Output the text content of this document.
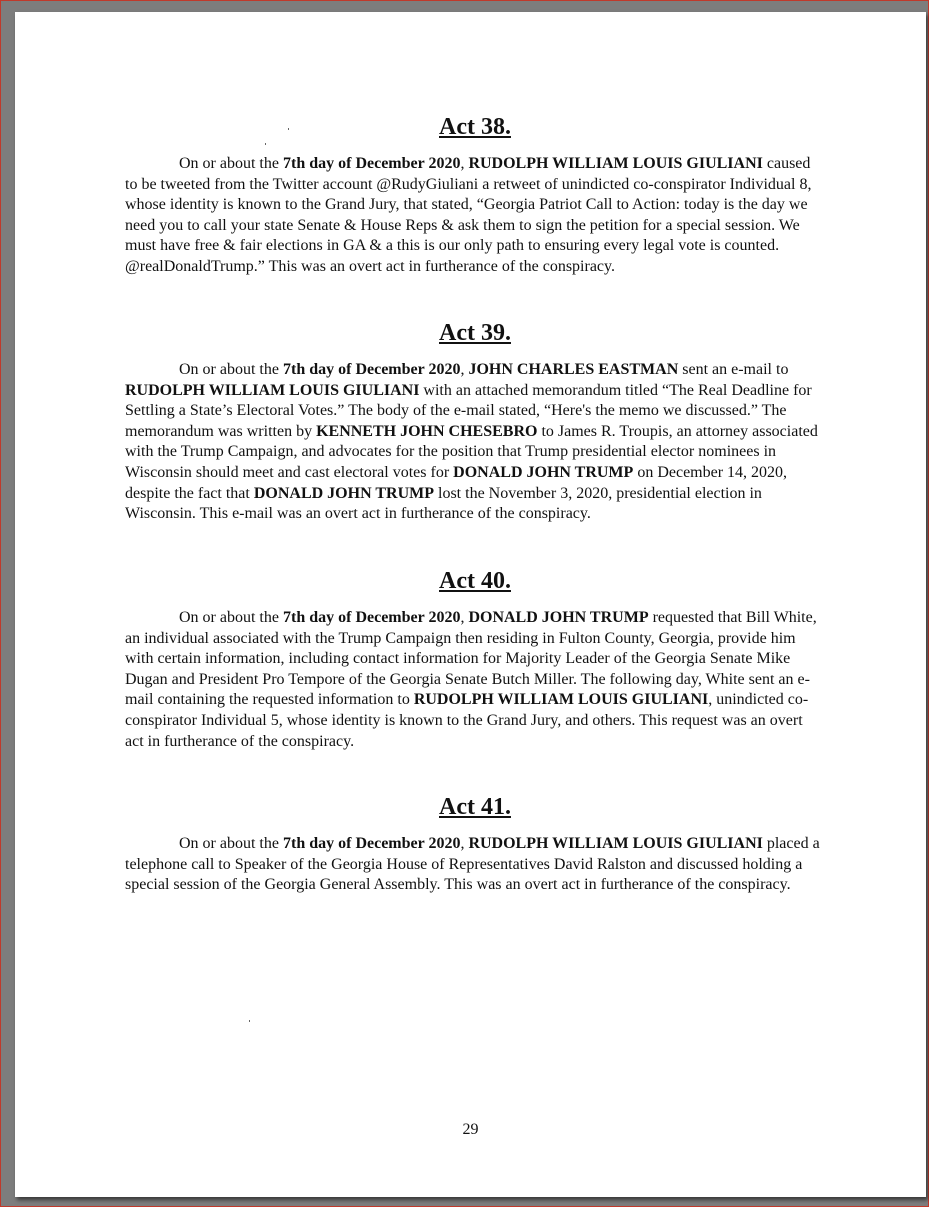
Act 38.

On or about the 7th day of December 2020, RUDOLPH WILLIAM LOUIS GIULIANI caused to be tweeted from the Twitter account @RudyGiuliani a retweet of unindicted co-conspirator Individual 8, whose identity is known to the Grand Jury, that stated, “Georgia Patriot Call to Action: today is the day we need you to call your state Senate & House Reps & ask them to sign the petition for a special session. We must have free & fair elections in GA & a this is our only path to ensuring every legal vote is counted. @realDonaldTrump.” This was an overt act in furtherance of the conspiracy.

Act 39.

On or about the 7th day of December 2020, JOHN CHARLES EASTMAN sent an e-mail to RUDOLPH WILLIAM LOUIS GIULIANI with an attached memorandum titled “The Real Deadline for Settling a State’s Electoral Votes.” The body of the e-mail stated, “Here's the memo we discussed.” The memorandum was written by KENNETH JOHN CHESEBRO to James R. Troupis, an attorney associated with the Trump Campaign, and advocates for the position that Trump presidential elector nominees in Wisconsin should meet and cast electoral votes for DONALD JOHN TRUMP on December 14, 2020, despite the fact that DONALD JOHN TRUMP lost the November 3, 2020, presidential election in Wisconsin. This e-mail was an overt act in furtherance of the conspiracy.

Act 40.

On or about the 7th day of December 2020, DONALD JOHN TRUMP requested that Bill White, an individual associated with the Trump Campaign then residing in Fulton County, Georgia, provide him with certain information, including contact information for Majority Leader of the Georgia Senate Mike Dugan and President Pro Tempore of the Georgia Senate Butch Miller. The following day, White sent an e-mail containing the requested information to RUDOLPH WILLIAM LOUIS GIULIANI, unindicted co-conspirator Individual 5, whose identity is known to the Grand Jury, and others. This request was an overt act in furtherance of the conspiracy.

Act 41.

On or about the 7th day of December 2020, RUDOLPH WILLIAM LOUIS GIULIANI placed a telephone call to Speaker of the Georgia House of Representatives David Ralston and discussed holding a special session of the Georgia General Assembly. This was an overt act in furtherance of the conspiracy.

29
